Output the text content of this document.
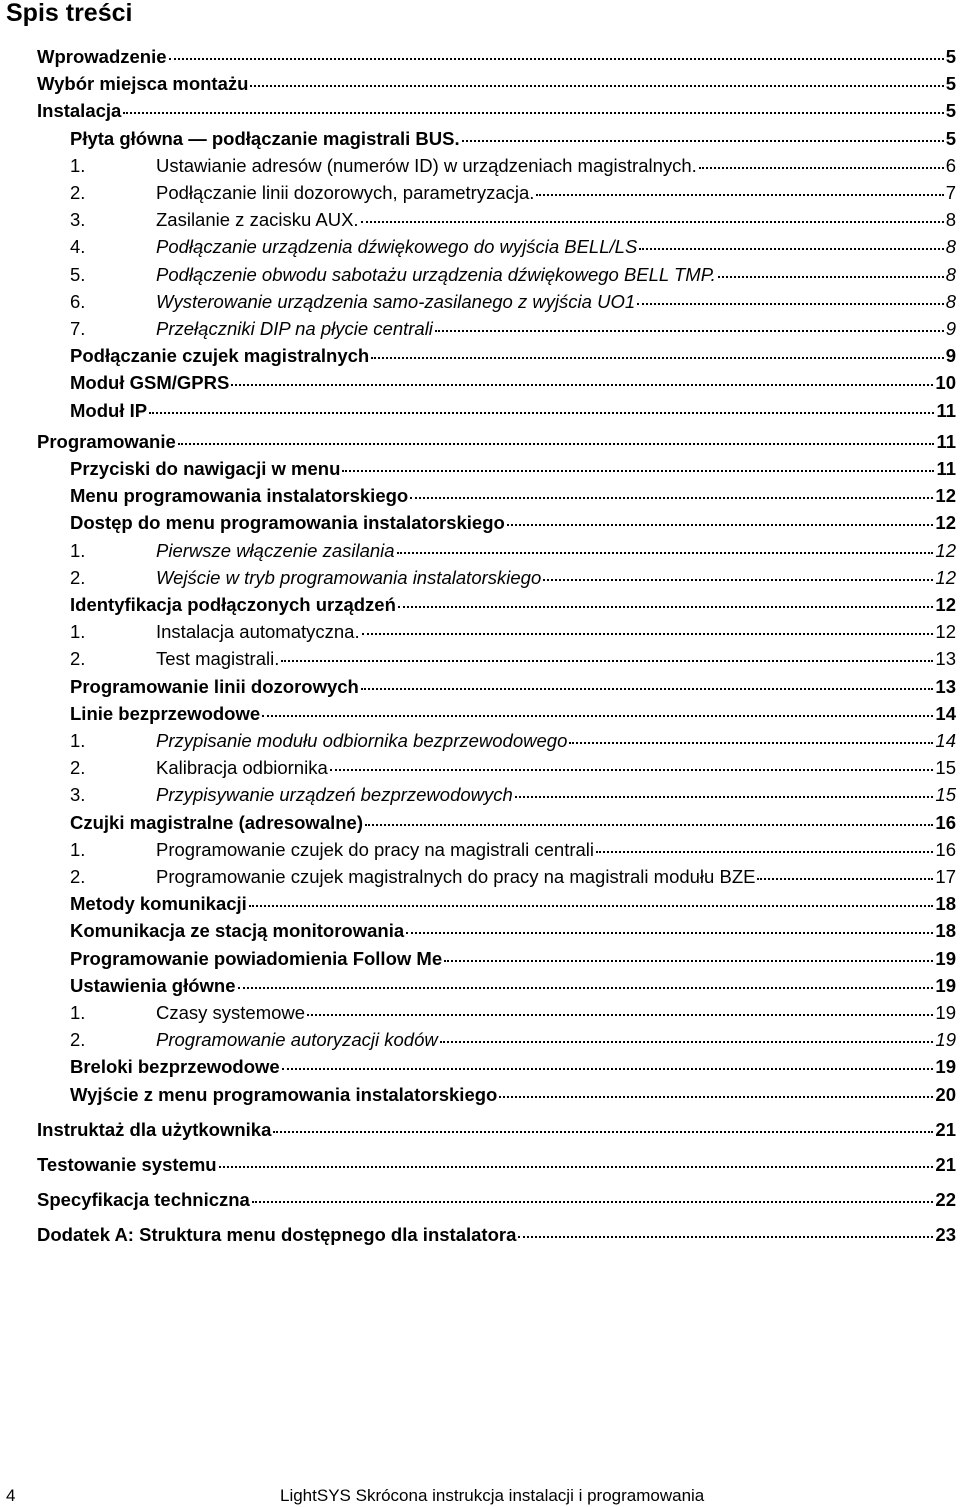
Spis treści
Wprowadzenie	5
Wybór miejsca montażu	5
Instalacja	5
Płyta główna — podłączanie magistrali BUS.	5
1.	Ustawianie adresów (numerów ID) w urządzeniach magistralnych.	6
2.	Podłączanie linii dozorowych, parametryzacja.	7
3.	Zasilanie z zacisku AUX.	8
4.	Podłączanie urządzenia dźwiękowego do wyjścia BELL/LS	8
5.	Podłączenie obwodu sabotażu urządzenia dźwiękowego BELL TMP.	8
6.	Wysterowanie urządzenia samo-zasilanego z wyjścia UO1	8
7.	Przełączniki DIP na płycie centrali	9
Podłączanie czujek magistralnych	9
Moduł GSM/GPRS	10
Moduł IP	11
Programowanie	11
Przyciski do nawigacji w menu	11
Menu programowania instalatorskiego	12
Dostęp do menu programowania instalatorskiego	12
1.	Pierwsze włączenie zasilania	12
2.	Wejście w tryb programowania instalatorskiego	12
Identyfikacja podłączonych urządzeń	12
1.	Instalacja automatyczna.	12
2.	Test magistrali.	13
Programowanie linii dozorowych	13
Linie bezprzewodowe	14
1.	Przypisanie modułu odbiornika bezprzewodowego	14
2.	Kalibracja odbiornika	15
3.	Przypisywanie urządzeń bezprzewodowych	15
Czujki magistralne (adresowalne)	16
1.	Programowanie czujek do pracy na magistrali centrali	16
2.	Programowanie czujek magistralnych do pracy na magistrali modułu BZE	17
Metody komunikacji	18
Komunikacja ze stacją monitorowania	18
Programowanie powiadomienia Follow Me	19
Ustawienia główne	19
1.	Czasy systemowe	19
2.	Programowanie autoryzacji kodów	19
Breloki bezprzewodowe	19
Wyjście z menu programowania instalatorskiego	20
Instruktaż dla użytkownika	21
Testowanie systemu	21
Specyfikacja techniczna	22
Dodatek A: Struktura menu dostępnego dla instalatora	23
4	LightSYS Skrócona instrukcja instalacji i programowania
